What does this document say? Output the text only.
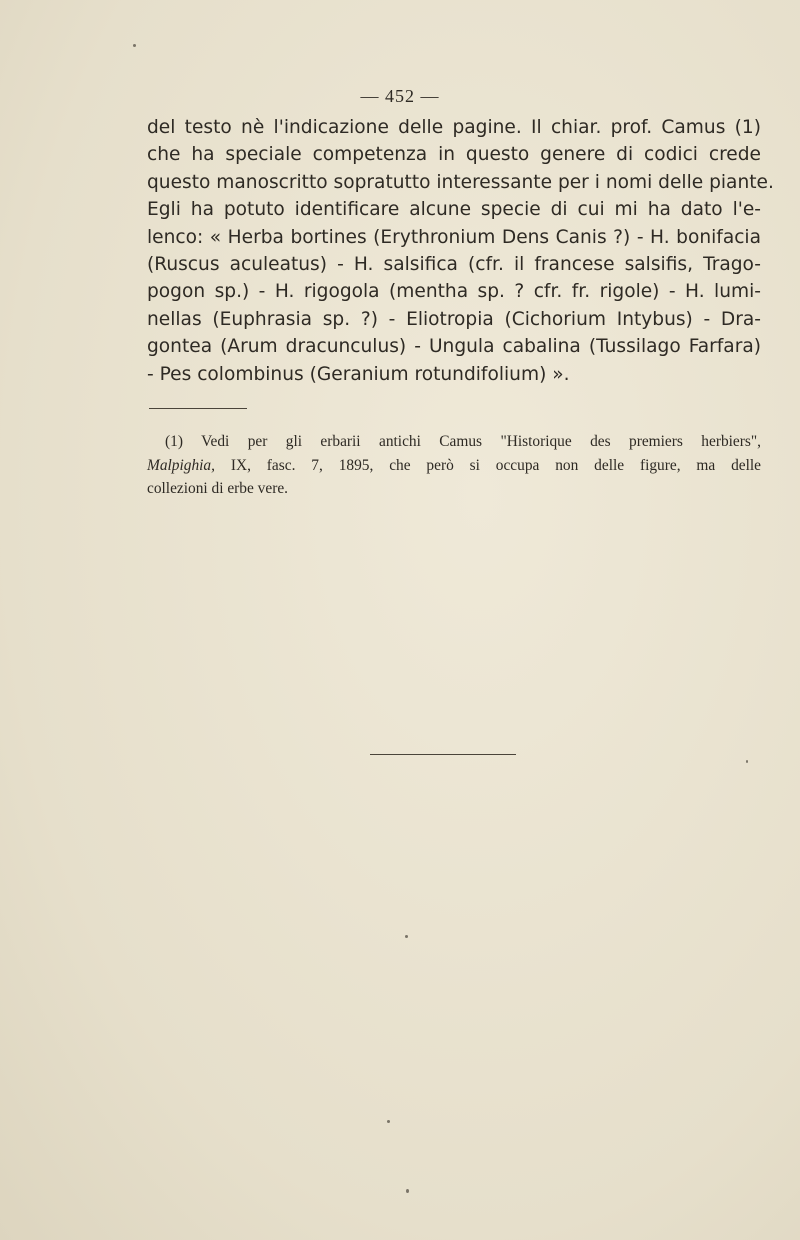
— 452 —
del testo nè l'indicazione delle pagine. Il chiar. prof. Camus (1)
che ha speciale competenza in questo genere di codici crede
questo manoscritto sopratutto interessante per i nomi delle piante.
Egli ha potuto identificare alcune specie di cui mi ha dato l'e-
lenco: « Herba bortines (Erythronium Dens Canis ?) - H. bonifacia
(Ruscus aculeatus) - H. salsifica (cfr. il francese salsifis, Trago-
pogon sp.) - H. rigogola (mentha sp. ? cfr. fr. rigole) - H. lumi-
nellas (Euphrasia sp. ?) - Eliotropia (Cichorium Intybus) - Dra-
gontea (Arum dracunculus) - Ungula cabalina (Tussilago Farfara)
- Pes colombinus (Geranium rotundifolium) ».
(1) Vedi per gli erbarii antichi Camus "Historique des premiers herbiers",
Malpighia, IX, fasc. 7, 1895, che però si occupa non delle figure, ma delle
collezioni di erbe vere.
